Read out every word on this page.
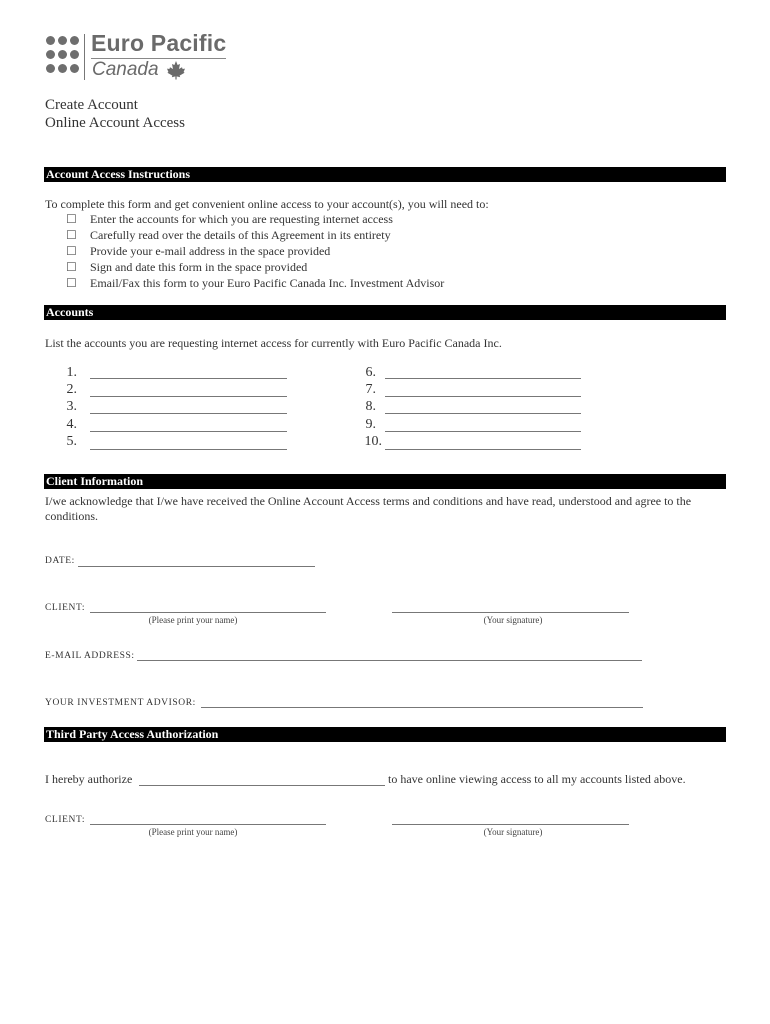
Euro Pacific
Canada
Create Account
Online Account Access
Account Access Instructions
To complete this form and get convenient online access to your account(s), you will need to:
☐ Enter the accounts for which you are requesting internet access
☐ Carefully read over the details of this Agreement in its entirety
☐ Provide your e-mail address in the space provided
☐ Sign and date this form in the space provided
☐ Email/Fax this form to your Euro Pacific Canada Inc. Investment Advisor
Accounts
List the accounts you are requesting internet access for currently with Euro Pacific Canada Inc.
1.
2.
3.
4.
5.
6.
7.
8.
9.
10.
Client Information
I/we acknowledge that I/we have received the Online Account Access terms and conditions and have read, understood and agree to the
conditions.
DATE:
CLIENT:
(Please print your name)	(Your signature)
E-MAIL ADDRESS:
YOUR INVESTMENT ADVISOR:
Third Party Access Authorization
I hereby authorize	to have online viewing access to all my accounts listed above.
CLIENT:
(Please print your name)	(Your signature)
